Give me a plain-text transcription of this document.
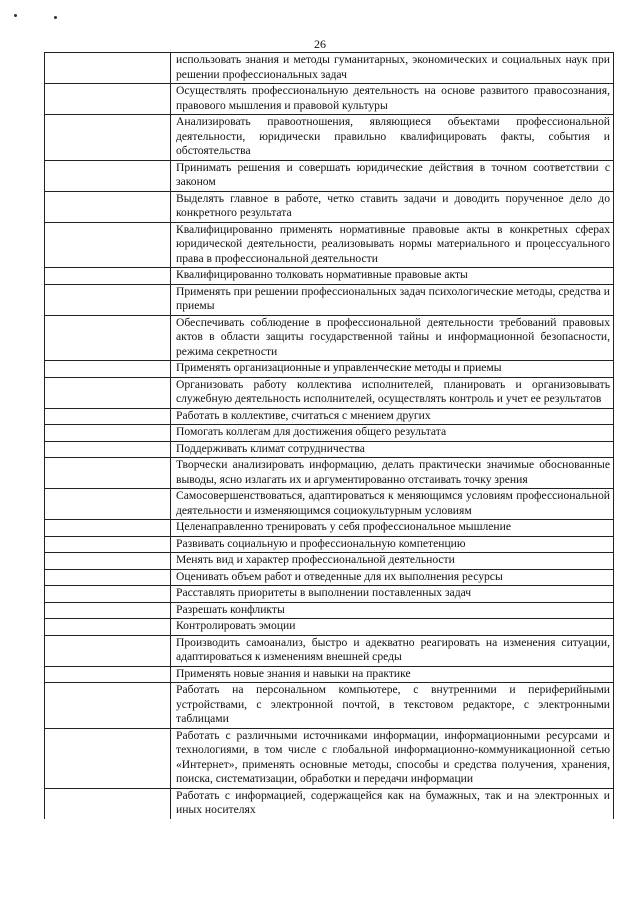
26

	использовать знания и методы гуманитарных, экономических и социальных наук при решении профессиональных задач

	Осуществлять профессиональную деятельность на основе развитого правосознания, правового мышления и правовой культуры

	Анализировать правоотношения, являющиеся объектами профессиональной деятельности, юридически правильно квалифицировать факты, события и обстоятельства

	Принимать решения и совершать юридические действия в точном соответствии с законом

	Выделять главное в работе, четко ставить задачи и доводить порученное дело до конкретного результата

	Квалифицированно применять нормативные правовые акты в конкретных сферах юридической деятельности, реализовывать нормы материального и процессуального права в профессиональной деятельности

	Квалифицированно толковать нормативные правовые акты

	Применять при решении профессиональных задач психологические методы, средства и приемы

	Обеспечивать соблюдение в профессиональной деятельности требований правовых актов в области защиты государственной тайны и информационной безопасности, режима секретности

	Применять организационные и управленческие методы и приемы

	Организовать работу коллектива исполнителей, планировать и организовывать служебную деятельность исполнителей, осуществлять контроль и учет ее результатов

	Работать в коллективе, считаться с мнением других

	Помогать коллегам для достижения общего результата

	Поддерживать климат сотрудничества

	Творчески анализировать информацию, делать практически значимые обоснованные выводы, ясно излагать их и аргументированно отстаивать точку зрения

	Самосовершенствоваться, адаптироваться к меняющимся условиям профессиональной деятельности и изменяющимся социокультурным условиям

	Целенаправленно тренировать у себя профессиональное мышление

	Развивать социальную и профессиональную компетенцию

	Менять вид и характер профессиональной деятельности

	Оценивать объем работ и отведенные для их выполнения ресурсы

	Расставлять приоритеты в выполнении поставленных задач

	Разрешать конфликты

	Контролировать эмоции

	Производить самоанализ, быстро и адекватно реагировать на изменения ситуации, адаптироваться к изменениям внешней среды

	Применять новые знания и навыки на практике

	Работать на персональном компьютере, с внутренними и периферийными устройствами, с электронной почтой, в текстовом редакторе, с электронными таблицами

	Работать с различными источниками информации, информационными ресурсами и технологиями, в том числе с глобальной информационно-коммуникационной сетью «Интернет», применять основные методы, способы и средства получения, хранения, поиска, систематизации, обработки и передачи информации

	Работать с информацией, содержащейся как на бумажных, так и на электронных и иных носителях
